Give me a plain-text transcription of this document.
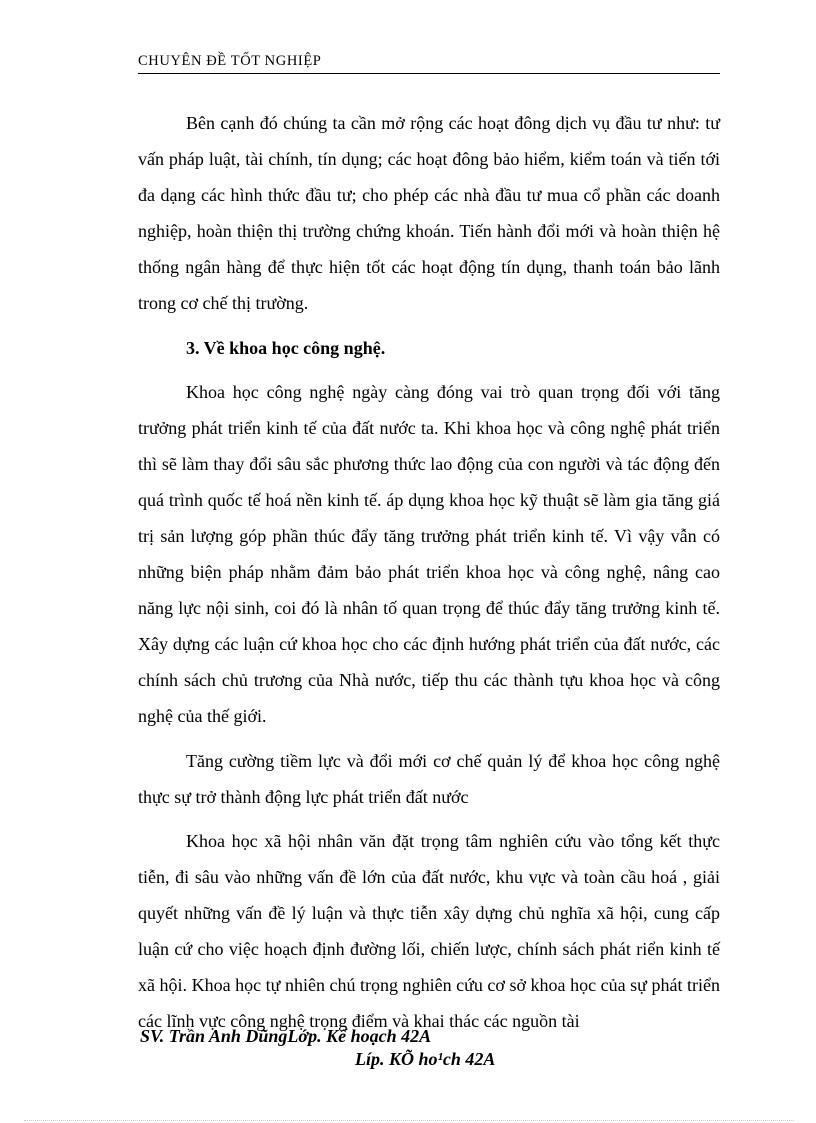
CHUYÊN ĐỀ TỐT NGHIỆP

Bên cạnh đó chúng ta cần mở rộng các hoạt đông dịch vụ đầu tư như: tư vấn pháp luật, tài chính, tín dụng; các hoạt đông bảo hiểm, kiểm toán và tiến tới đa dạng các hình thức đầu tư; cho phép các nhà đầu tư mua cổ phần các doanh nghiệp, hoàn thiện thị trường chứng khoán. Tiến hành đổi mới và hoàn thiện hệ thống ngân hàng để thực hiện tốt các hoạt động tín dụng, thanh toán bảo lãnh trong cơ chế thị trường.

3. Về khoa học công nghệ.

Khoa học công nghệ ngày càng đóng vai trò quan trọng đối với tăng trưởng phát triển kinh tế của đất nước ta. Khi khoa học và công nghệ phát triển thì sẽ làm thay đổi sâu sắc phương thức lao động của con người và tác động đến quá trình quốc tế hoá nền kinh tế. áp dụng khoa học kỹ thuật sẽ làm gia tăng giá trị sản lượng góp phần thúc đẩy tăng trưởng phát triển kinh tế. Vì vậy vẫn có những biện pháp nhằm đảm bảo phát triển khoa học và công nghệ, nâng cao năng lực nội sinh, coi đó là nhân tố quan trọng để thúc đẩy tăng trưởng kinh tế. Xây dựng các luận cứ khoa học cho các định hướng phát triển của đất nước, các chính sách chủ trương của Nhà nước, tiếp thu các thành tựu khoa học và công nghệ của thế giới.

Tăng cường tiềm lực và đổi mới cơ chế quản lý để khoa học công nghệ thực sự trở thành động lực phát triển đất nước

Khoa học xã hội nhân văn đặt trọng tâm nghiên cứu vào tổng kết thực tiễn, đi sâu vào những vấn đề lớn của đất nước, khu vực và toàn cầu hoá , giải quyết những vấn đề lý luận và thực tiễn xây dựng chủ nghĩa xã hội, cung cấp luận cứ cho việc hoạch định đường lối, chiến lược, chính sách phát riển kinh tế xã hội. Khoa học tự nhiên chú trọng nghiên cứu cơ sở khoa học của sự phát triển các lĩnh vực công nghệ trọng điểm và khai thác các nguồn tài

SV. Trần Anh DũngLớp. Kế hoạch 42A
Líp. KÕ ho¹ch 42A
